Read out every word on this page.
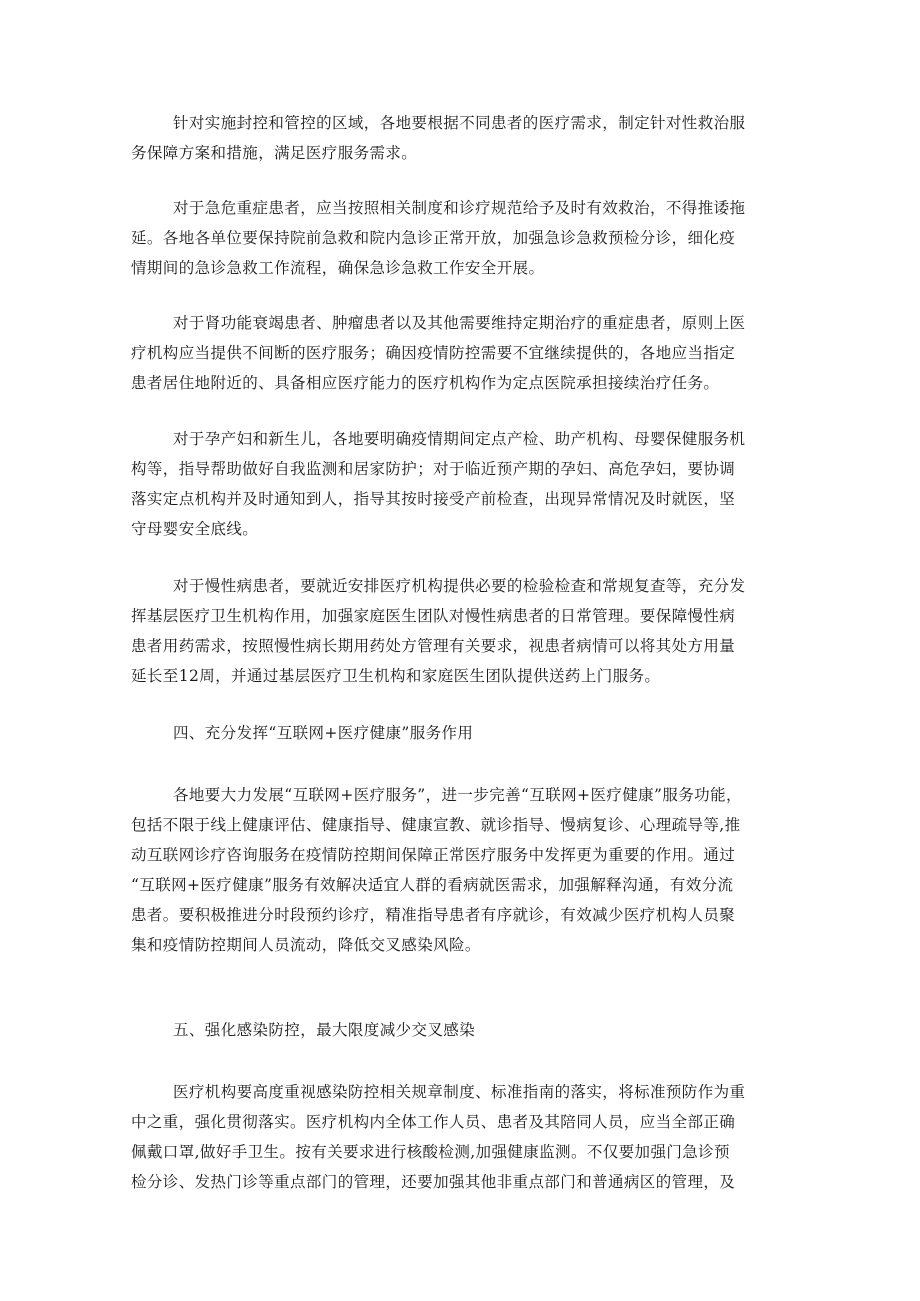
针对实施封控和管控的区域，各地要根据不同患者的医疗需求，制定针对性救治服
务保障方案和措施，满足医疗服务需求。
对于急危重症患者，应当按照相关制度和诊疗规范给予及时有效救治，不得推诿拖
延。各地各单位要保持院前急救和院内急诊正常开放，加强急诊急救预检分诊，细化疫
情期间的急诊急救工作流程，确保急诊急救工作安全开展。
对于肾功能衰竭患者、肿瘤患者以及其他需要维持定期治疗的重症患者，原则上医
疗机构应当提供不间断的医疗服务；确因疫情防控需要不宜继续提供的，各地应当指定
患者居住地附近的、具备相应医疗能力的医疗机构作为定点医院承担接续治疗任务。
对于孕产妇和新生儿，各地要明确疫情期间定点产检、助产机构、母婴保健服务机
构等，指导帮助做好自我监测和居家防护；对于临近预产期的孕妇、高危孕妇，要协调
落实定点机构并及时通知到人，指导其按时接受产前检查，出现异常情况及时就医，坚
守母婴安全底线。
对于慢性病患者，要就近安排医疗机构提供必要的检验检查和常规复查等，充分发
挥基层医疗卫生机构作用，加强家庭医生团队对慢性病患者的日常管理。要保障慢性病
患者用药需求，按照慢性病长期用药处方管理有关要求，视患者病情可以将其处方用量
延长至12周，并通过基层医疗卫生机构和家庭医生团队提供送药上门服务。
四、充分发挥“互联网+医疗健康”服务作用
各地要大力发展“互联网+医疗服务”，进一步完善“互联网+医疗健康”服务功能，
包括不限于线上健康评估、健康指导、健康宣教、就诊指导、慢病复诊、心理疏导等,推
动互联网诊疗咨询服务在疫情防控期间保障正常医疗服务中发挥更为重要的作用。通过
“互联网+医疗健康”服务有效解决适宜人群的看病就医需求，加强解释沟通，有效分流
患者。要积极推进分时段预约诊疗，精准指导患者有序就诊，有效减少医疗机构人员聚
集和疫情防控期间人员流动，降低交叉感染风险。
五、强化感染防控，最大限度减少交叉感染
医疗机构要高度重视感染防控相关规章制度、标准指南的落实，将标准预防作为重
中之重，强化贯彻落实。医疗机构内全体工作人员、患者及其陪同人员，应当全部正确
佩戴口罩,做好手卫生。按有关要求进行核酸检测,加强健康监测。不仅要加强门急诊预
检分诊、发热门诊等重点部门的管理，还要加强其他非重点部门和普通病区的管理，及
